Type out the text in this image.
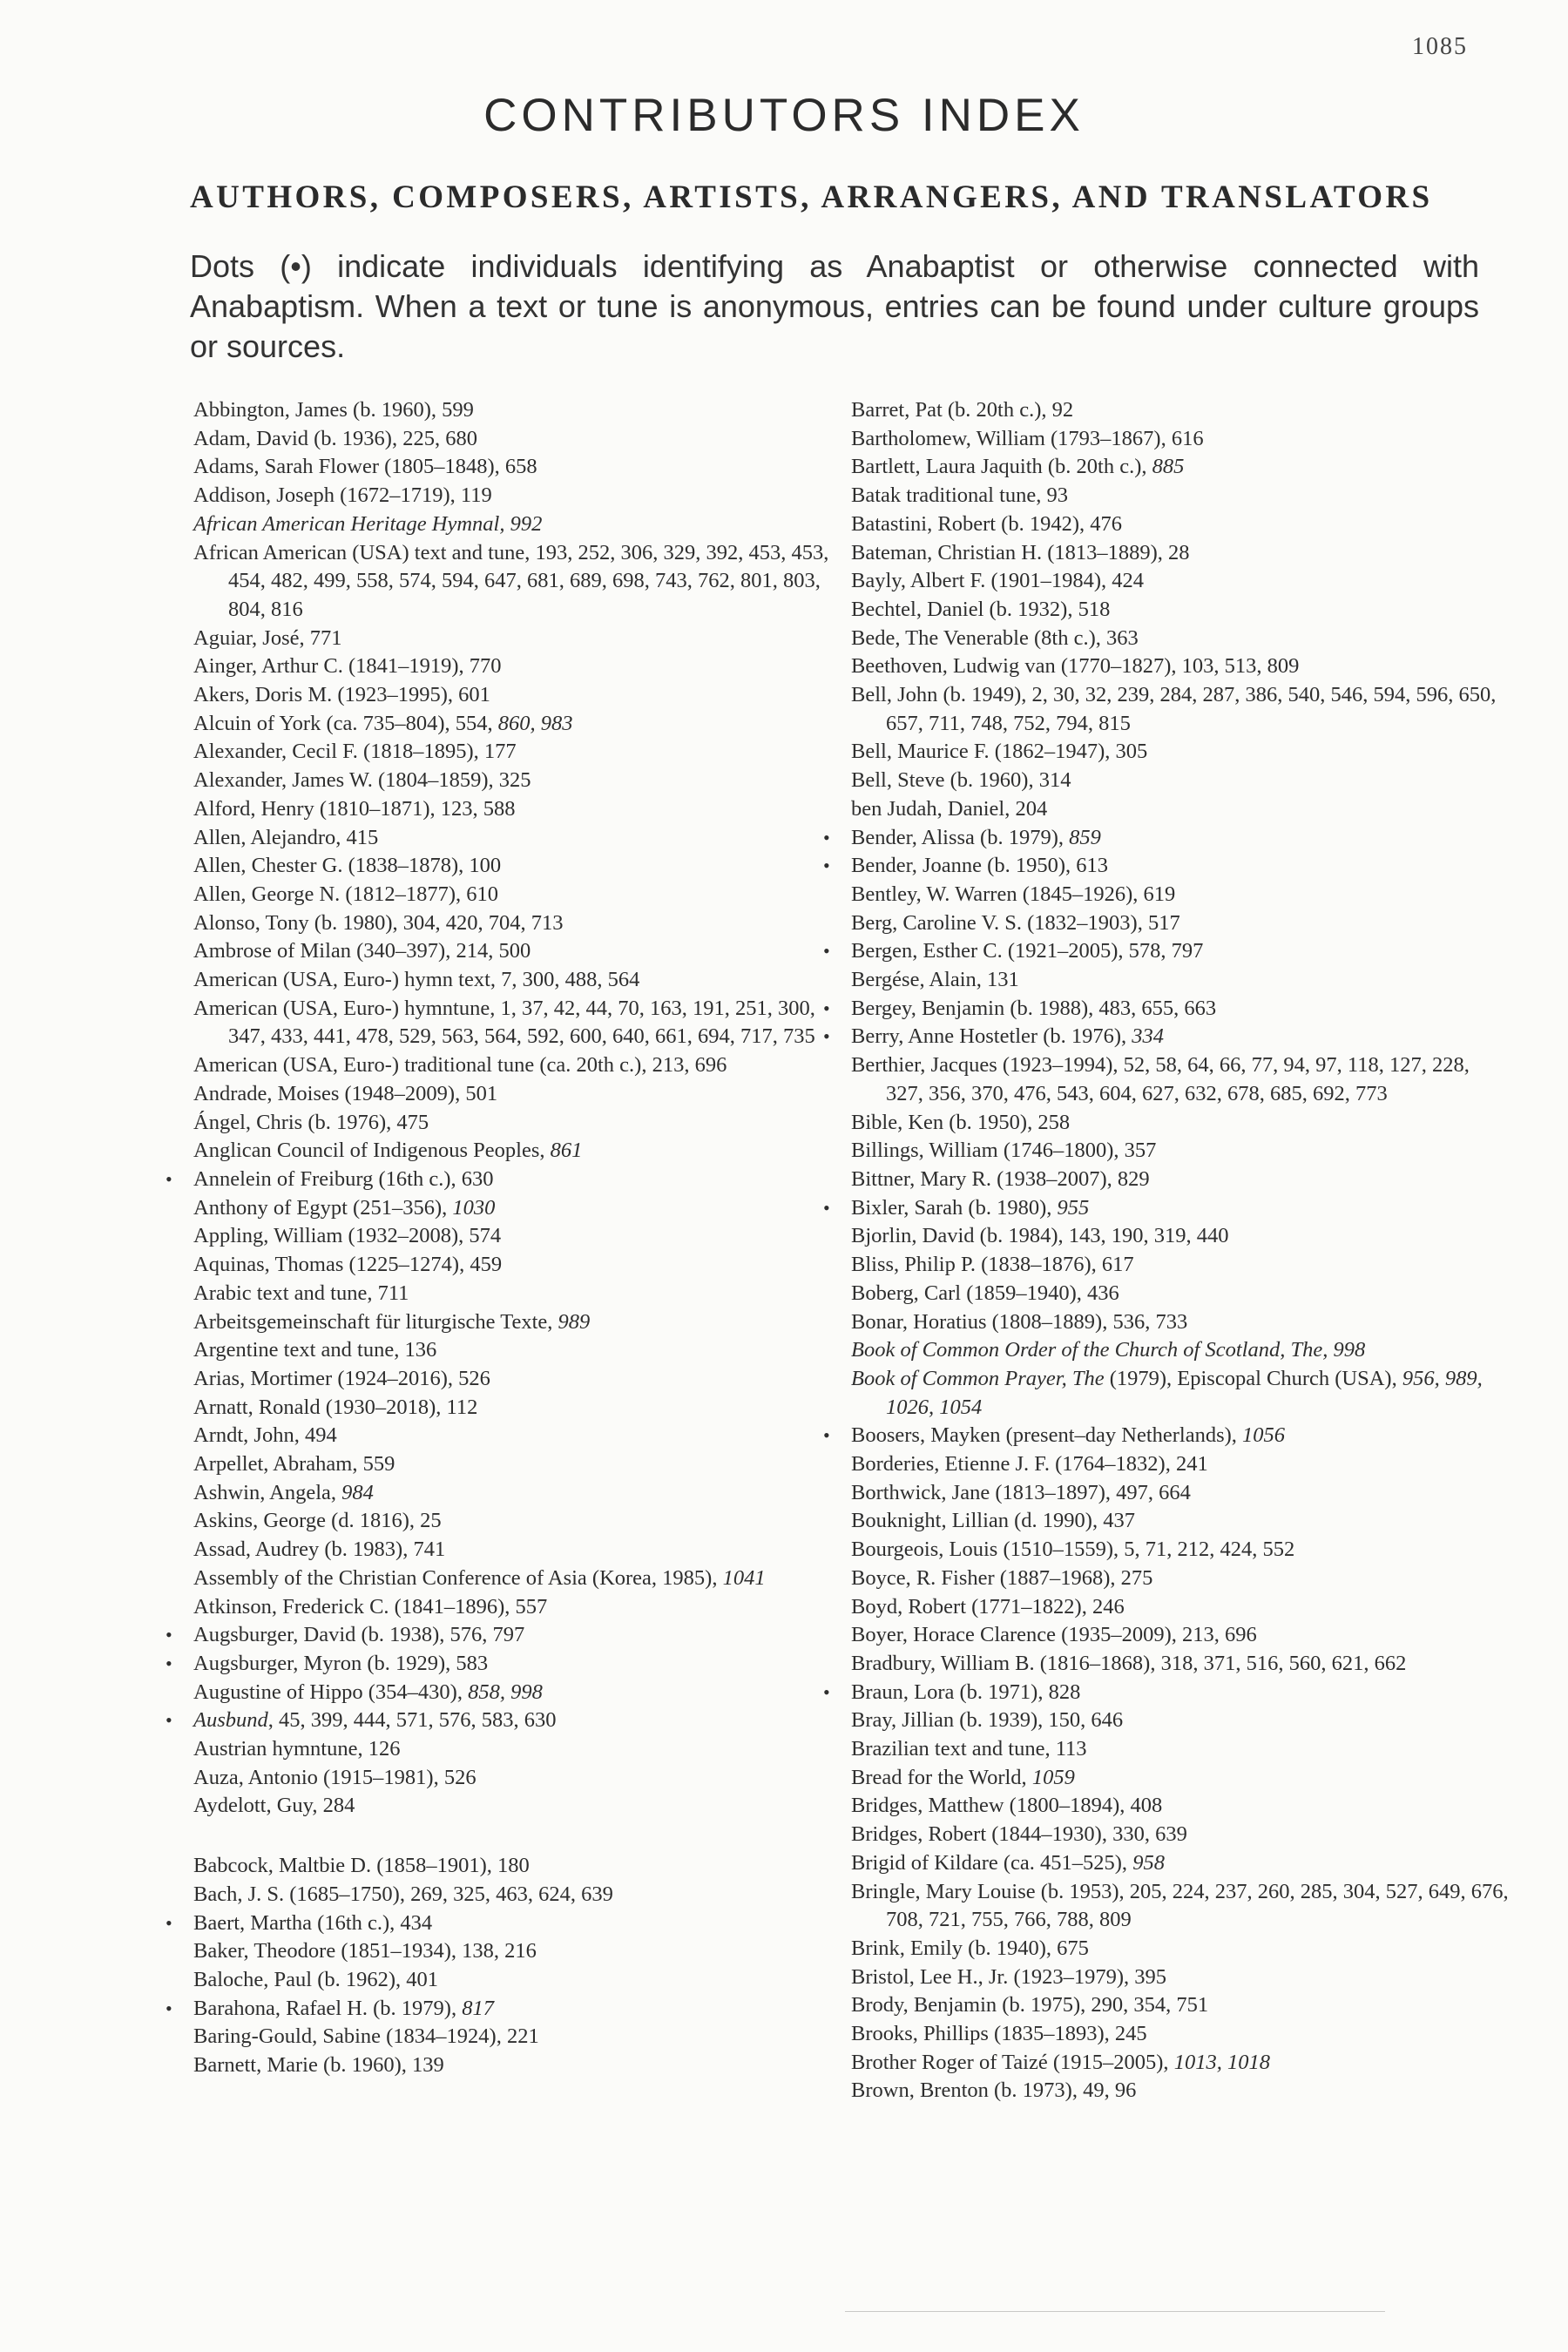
1085
CONTRIBUTORS INDEX
AUTHORS, COMPOSERS, ARTISTS, ARRANGERS, AND TRANSLATORS

Dots (•) indicate individuals identifying as Anabaptist or otherwise connected with Anabaptism. When a text or tune is anonymous, entries can be found under culture groups or sources.

Abbington, James (b. 1960), 599
Adam, David (b. 1936), 225, 680
Adams, Sarah Flower (1805–1848), 658
Addison, Joseph (1672–1719), 119
African American Heritage Hymnal, 992
African American (USA) text and tune, 193, 252, 306, 329, 392, 453, 453, 454, 482, 499, 558, 574, 594, 647, 681, 689, 698, 743, 762, 801, 803, 804, 816
Aguiar, José, 771
Ainger, Arthur C. (1841–1919), 770
Akers, Doris M. (1923–1995), 601
Alcuin of York (ca. 735–804), 554, 860, 983
Alexander, Cecil F. (1818–1895), 177
Alexander, James W. (1804–1859), 325
Alford, Henry (1810–1871), 123, 588
Allen, Alejandro, 415
Allen, Chester G. (1838–1878), 100
Allen, George N. (1812–1877), 610
Alonso, Tony (b. 1980), 304, 420, 704, 713
Ambrose of Milan (340–397), 214, 500
American (USA, Euro-) hymn text, 7, 300, 488, 564
American (USA, Euro-) hymntune, 1, 37, 42, 44, 70, 163, 191, 251, 300, 347, 433, 441, 478, 529, 563, 564, 592, 600, 640, 661, 694, 717, 735
American (USA, Euro-) traditional tune (ca. 20th c.), 213, 696
Andrade, Moises (1948–2009), 501
Ángel, Chris (b. 1976), 475
Anglican Council of Indigenous Peoples, 861
• Annelein of Freiburg (16th c.), 630
Anthony of Egypt (251–356), 1030
Appling, William (1932–2008), 574
Aquinas, Thomas (1225–1274), 459
Arabic text and tune, 711
Arbeitsgemeinschaft für liturgische Texte, 989
Argentine text and tune, 136
Arias, Mortimer (1924–2016), 526
Arnatt, Ronald (1930–2018), 112
Arndt, John, 494
Arpellet, Abraham, 559
Ashwin, Angela, 984
Askins, George (d. 1816), 25
Assad, Audrey (b. 1983), 741
Assembly of the Christian Conference of Asia (Korea, 1985), 1041
Atkinson, Frederick C. (1841–1896), 557
• Augsburger, David (b. 1938), 576, 797
• Augsburger, Myron (b. 1929), 583
Augustine of Hippo (354–430), 858, 998
• Ausbund, 45, 399, 444, 571, 576, 583, 630
Austrian hymntune, 126
Auza, Antonio (1915–1981), 526
Aydelott, Guy, 284
Babcock, Maltbie D. (1858–1901), 180
Bach, J. S. (1685–1750), 269, 325, 463, 624, 639
• Baert, Martha (16th c.), 434
Baker, Theodore (1851–1934), 138, 216
Baloche, Paul (b. 1962), 401
• Barahona, Rafael H. (b. 1979), 817
Baring-Gould, Sabine (1834–1924), 221
Barnett, Marie (b. 1960), 139
Barret, Pat (b. 20th c.), 92
Bartholomew, William (1793–1867), 616
Bartlett, Laura Jaquith (b. 20th c.), 885
Batak traditional tune, 93
Batastini, Robert (b. 1942), 476
Bateman, Christian H. (1813–1889), 28
Bayly, Albert F. (1901–1984), 424
Bechtel, Daniel (b. 1932), 518
Bede, The Venerable (8th c.), 363
Beethoven, Ludwig van (1770–1827), 103, 513, 809
Bell, John (b. 1949), 2, 30, 32, 239, 284, 287, 386, 540, 546, 594, 596, 650, 657, 711, 748, 752, 794, 815
Bell, Maurice F. (1862–1947), 305
Bell, Steve (b. 1960), 314
ben Judah, Daniel, 204
• Bender, Alissa (b. 1979), 859
• Bender, Joanne (b. 1950), 613
Bentley, W. Warren (1845–1926), 619
Berg, Caroline V. S. (1832–1903), 517
• Bergen, Esther C. (1921–2005), 578, 797
Bergése, Alain, 131
• Bergey, Benjamin (b. 1988), 483, 655, 663
• Berry, Anne Hostetler (b. 1976), 334
Berthier, Jacques (1923–1994), 52, 58, 64, 66, 77, 94, 97, 118, 127, 228, 327, 356, 370, 476, 543, 604, 627, 632, 678, 685, 692, 773
Bible, Ken (b. 1950), 258
Billings, William (1746–1800), 357
Bittner, Mary R. (1938–2007), 829
• Bixler, Sarah (b. 1980), 955
Bjorlin, David (b. 1984), 143, 190, 319, 440
Bliss, Philip P. (1838–1876), 617
Boberg, Carl (1859–1940), 436
Bonar, Horatius (1808–1889), 536, 733
Book of Common Order of the Church of Scotland, The, 998
Book of Common Prayer, The (1979), Episcopal Church (USA), 956, 989, 1026, 1054
• Boosers, Mayken (present–day Netherlands), 1056
Borderies, Etienne J. F. (1764–1832), 241
Borthwick, Jane (1813–1897), 497, 664
Bouknight, Lillian (d. 1990), 437
Bourgeois, Louis (1510–1559), 5, 71, 212, 424, 552
Boyce, R. Fisher (1887–1968), 275
Boyd, Robert (1771–1822), 246
Boyer, Horace Clarence (1935–2009), 213, 696
Bradbury, William B. (1816–1868), 318, 371, 516, 560, 621, 662
• Braun, Lora (b. 1971), 828
Bray, Jillian (b. 1939), 150, 646
Brazilian text and tune, 113
Bread for the World, 1059
Bridges, Matthew (1800–1894), 408
Bridges, Robert (1844–1930), 330, 639
Brigid of Kildare (ca. 451–525), 958
Bringle, Mary Louise (b. 1953), 205, 224, 237, 260, 285, 304, 527, 649, 676, 708, 721, 755, 766, 788, 809
Brink, Emily (b. 1940), 675
Bristol, Lee H., Jr. (1923–1979), 395
Brody, Benjamin (b. 1975), 290, 354, 751
Brooks, Phillips (1835–1893), 245
Brother Roger of Taizé (1915–2005), 1013, 1018
Brown, Brenton (b. 1973), 49, 96
